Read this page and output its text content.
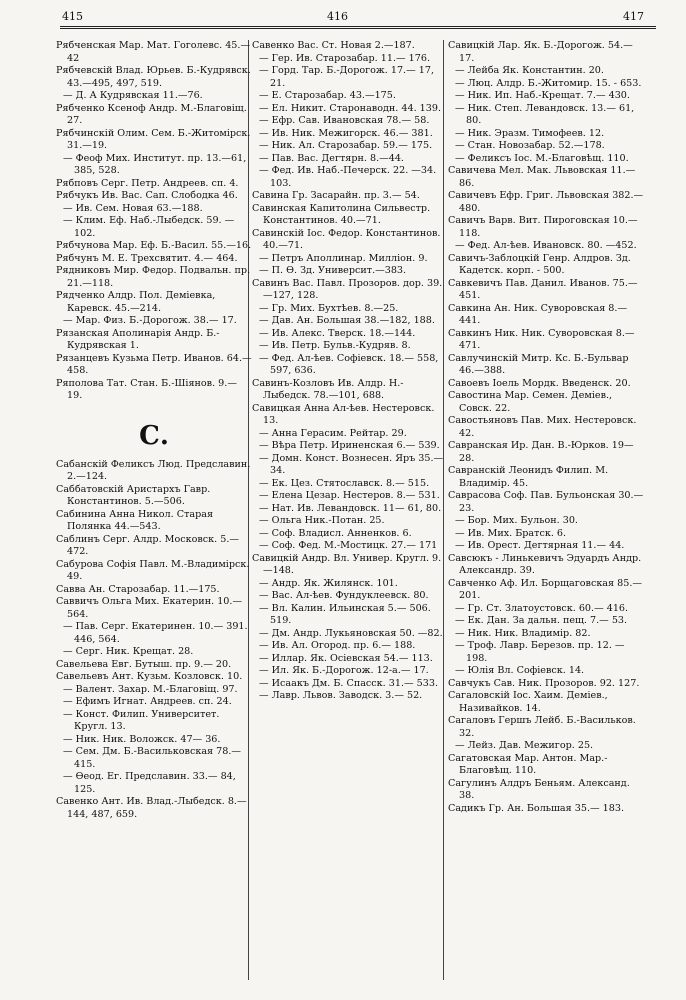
415	416	417

Рябченская Мар. Мат. Гоголевс. 45.—42

Рябчевскій Влад. Юрьев. Б.-Кудрявск. 43.—495, 497, 519.

— Д. А Кудрявская 11.—76.

Рябченко Ксеноф Андр. М.-Благовіщ. 27.

Рябчинскій Олим. Сем. Б.-Житомірск. 31.—19.

— Феоф Мих. Институт. пр. 13.—61, 385, 528.

Рябповъ Серг. Петр. Андреев. сп. 4.

Рябчукъ Ив. Вас. Сап. Слободка 46.

— Ив. Сем. Новая 63.—188.

— Клим. Еф. Наб.-Лыбедск. 59. —102.

Рябчунова Мар. Еф. Б.-Васил. 55.—16.

Рябчунъ М. Е. Трехсвятит. 4.— 464.

Рядниковъ Мир. Федор. Подвальн. пр. 21.—118.

Рядченко Алдр. Пол. Деміевка, Каревск. 45.—214.

— Мар. Физ. Б.-Дорогож. 38.— 17.

Рязанская Аполинарія Андр. Б.-Кудрявская 1.

Рязанцевъ Кузьма Петр. Иванов. 64.—458.

Ряполова Тат. Стан. Б.-Шіянов. 9.—19.

С.

Сабанскій Феликсъ Люд. Предславин. 2.—124.

Саббатовскій Аристархъ Гавр. Константинов. 5.—506.

Сабинина Анна Никол. Старая Полянка 44.—543.

Саблинъ Серг. Алдр. Московск. 5.—472.

Сабурова Софія Павл. М.-Владимірск. 49.

Савва Ан. Старозабар. 11.—175.

Саввичъ Ольга Мих. Екатерин. 10.—564.

— Пав. Серг. Екатеринен. 10.— 391. 446, 564.

— Серг. Ник. Крещат. 28.

Савельева Евг. Бутыш. пр. 9.— 20.

Савельевъ Ант. Кузьм. Козловск. 10.

— Валент. Захар. М.-Благовіщ. 97.

— Ефимъ Игнат. Андреев. сп. 24.

— Конст. Филип. Университет. Кругл. 13.

— Ник. Ник. Воложск. 47— 36.

— Сем. Дм. Б.-Васильковская 78.—415.

— Өеод. Ег. Предславин. 33.— 84, 125.

Савенко Ант. Ив. Влад.-Лыбедск. 8.—144, 487, 659.

Савенко Вас. Ст. Новая 2.—187.

— Гер. Ив. Старозабар. 11.— 176.

— Горд. Тар. Б.-Дорогож. 17.— 17, 21.

— Е. Старозабар. 43.—175.

— Ел. Никит. Старонаводн. 44. 139.

— Ефр. Сав. Ивановская 78.— 58.

— Ив. Ник. Межигорск. 46.— 381.

— Ник. Ал. Старозабар. 59.— 175.

— Пав. Вас. Дегтярн. 8.—44.

— Фед. Ив. Наб.-Печерск. 22. —34. 103.

Савина Гр. Засарайн. пр. 3.— 54.

Савинская Капитолина Сильвестр. Константинов. 40.—71.

Савинскій Іос. Федор. Константинов. 40.—71.

— Петръ Аполлинар. Милліон. 9.

— П. Ө. Зд. Университ.—383.

Савинъ Вас. Павл. Прозоров. дор. 39.—127, 128.

— Гр. Мих. Бухтѣев. 8.—25.

— Дав. Ан. Большая 38.—182, 188.

— Ив. Алекс. Тверск. 18.—144.

— Ив. Петр. Бульв.-Кудряв. 8.

— Фед. Ал-ѣев. Софіевск. 18.— 558, 597, 636.

Савинъ-Козловъ Ив. Алдр. Н.-Лыбедск. 78.—101, 688.

Савицкая Анна Ал-ѣев. Нестеровск. 13.

— Анна Герасим. Рейтар. 29.

— Вѣра Петр. Ириненская 6.— 539.

— Домн. Конст. Вознесен. Яръ 35.—34.

— Ек. Цез. Стятославск. 8.— 515.

— Елена Цезар. Нестеров. 8.— 531.

— Нат. Ив. Левандовск. 11— 61, 80.

— Ольга Ник.-Потан. 25.

— Соф. Владисл. Анненков. 6.

— Соф. Фед. М.-Мостицк. 27.— 171

Савицкій Андр. Вл. Универ. Кругл. 9.—148.

— Андр. Як. Жилянск. 101.

— Вас. Ал-ѣев. Фундуклеевск. 80.

— Вл. Калин. Ильинская 5.— 506. 519.

— Дм. Андр. Лукьяновская 50. —82.

— Ив. Ал. Огород. пр. 6.— 188.

— Иллар. Як. Осіевская 54.— 113.

— Ил. Як. Б.-Дорогож. 12-а.— 17.

— Исаакъ Дм. Б. Спасск. 31.— 533.

— Лавр. Львов. Заводск. 3.— 52.

Савицкій Лар. Як. Б.-Дорогож. 54.—17.

— Лейба Як. Константин. 20.

— Люц. Алдр. Б.-Житомир. 15. - 653.

— Ник. Ип. Наб.-Крещат. 7.— 430.

— Ник. Степ. Левандовск. 13.— 61, 80.

— Ник. Эразм. Тимофеев. 12.

— Стан. Новозабар. 52.—178.

— Феликсъ Іос. М.-Благовѣщ. 110.

Савичева Мел. Мак. Львовская 11.—86.

Савичевъ Ефр. Григ. Львовская 382.—480.

Савичъ Варв. Вит. Пироговская 10.—118.

— Фед. Ал-ѣев. Ивановск. 80. —452.

Савичъ-Заблоцкій Генр. Алдров. Зд. Кадетск. корп. - 500.

Савкевичъ Пав. Данил. Иванов. 75.—451.

Савкина Ан. Ник. Суворовская 8.—441.

Савкинъ Ник. Ник. Суворовская 8.—471.

Савлучинскій Митр. Кс. Б.-Бульвар 46.—388.

Савоевъ Іоель Мордк. Введенск. 20.

Савостина Мар. Семен. Деміев., Совск. 22.

Савостьяновъ Пав. Мих. Нестеровск. 42.

Савранская Ир. Дан. В.-Юрков. 19—28.

Савранскій Леонидъ Филип. М. Владимір. 45.

Саврасова Соф. Пав. Бульонская 30.—23.

— Бор. Мих. Бульон. 30.

— Ив. Мих. Братск. 6.

— Ив. Орест. Дегтярная 11.— 44.

Савсюкъ - Линькевичъ Эдуардъ Андр. Александр. 39.

Савченко Аф. Ил. Борщаговская 85.—201.

— Гр. Ст. Златоустовск. 60.— 416.

— Ек. Дан. За дальн. пещ. 7.— 53.

— Ник. Ник. Владимір. 82.

— Троф. Лавр. Березов. пр. 12. —198.

— Юлія Вл. Софіевск. 14.

Савчукъ Сав. Ник. Прозоров. 92. 127.

Сагаловскій Іос. Хаим. Деміев., Називайков. 14.

Сагаловъ Гершъ Лейб. Б.-Васильков. 32.

— Лейз. Дав. Межигор. 25.

Сагатовская Мар. Антон. Мар.-Благовѣщ. 110.

Сагулинъ Алдръ Беньям. Александ. 38.

Садикъ Гр. Ан. Большая 35.— 183.
